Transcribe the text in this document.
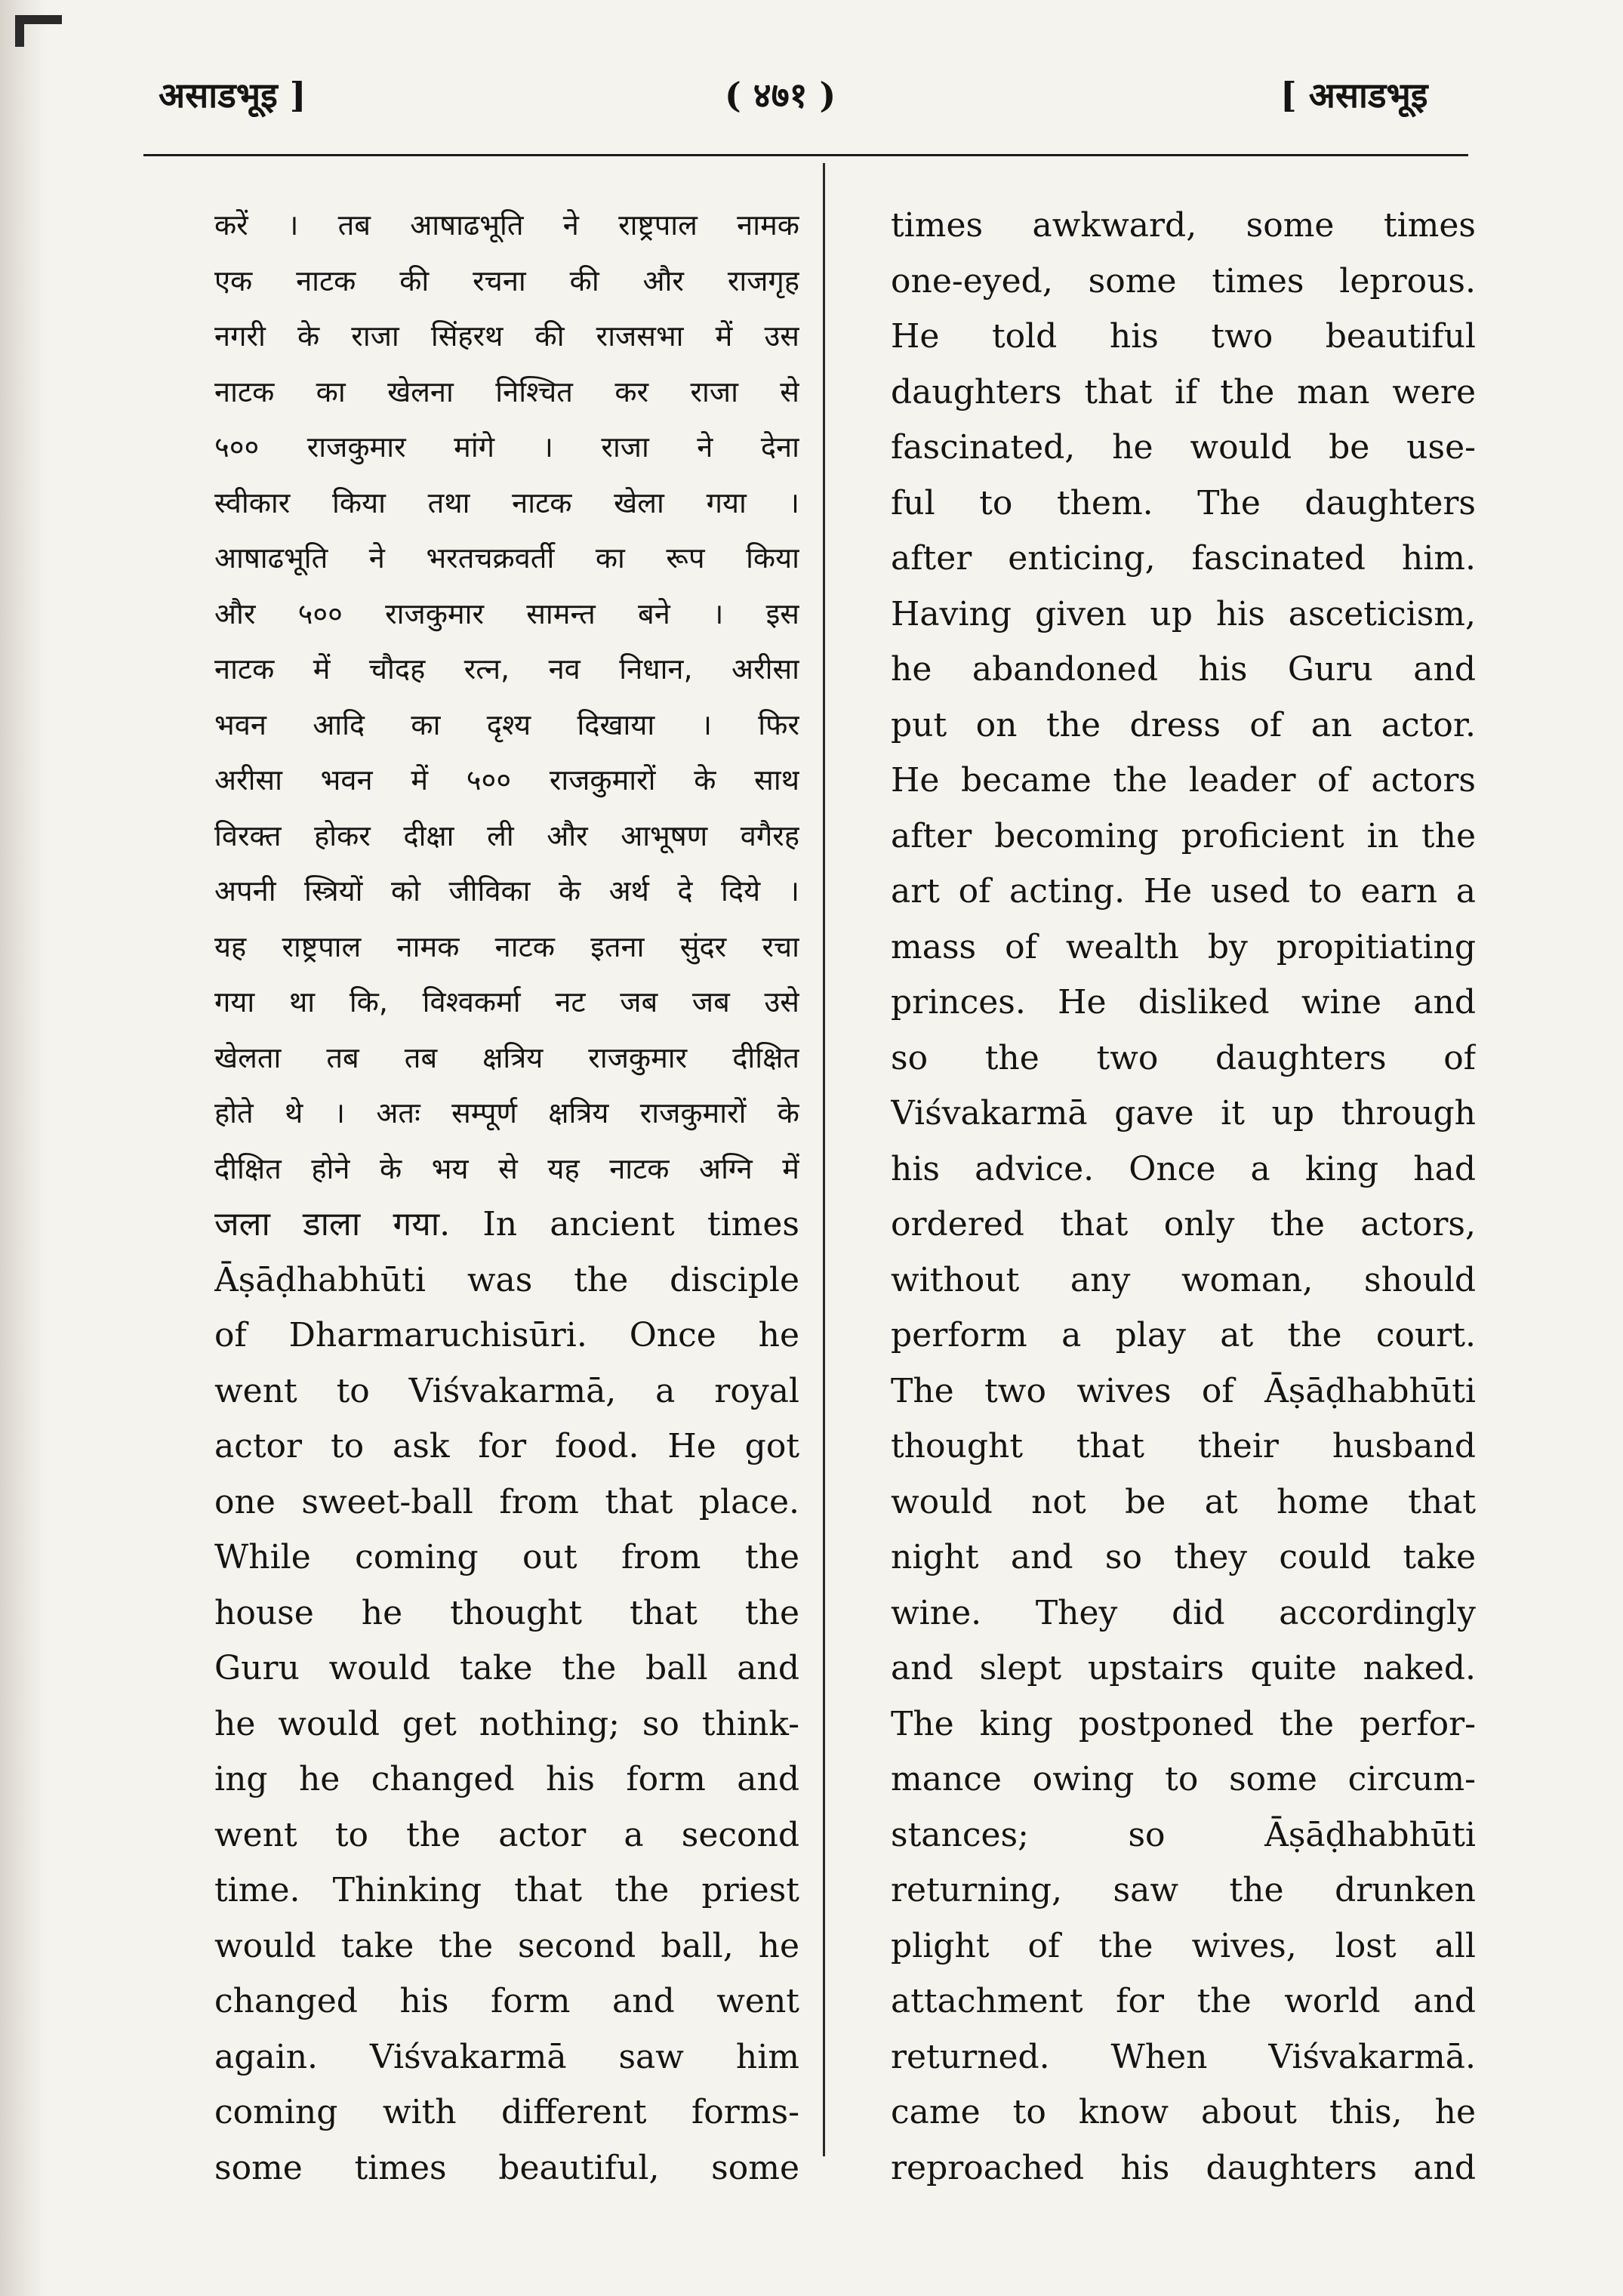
असाडभूइ ]	( ४७१ )	[ असाडभूइ
करें । तब आषाढभूति ने राष्ट्रपाल नामक
एक नाटक की रचना की और राजगृह
नगरी के राजा सिंहरथ की राजसभा में उस
नाटक का खेलना निश्चित कर राजा से
५०० राजकुमार मांगे । राजा ने देना
स्वीकार किया तथा नाटक खेला गया ।
आषाढभूति ने भरतचक्रवर्ती का रूप किया
और ५०० राजकुमार सामन्त बने । इस
नाटक में चौदह रत्न, नव निधान, अरीसा
भवन आदि का दृश्य दिखाया । फिर
अरीसा भवन में ५०० राजकुमारों के साथ
विरक्त होकर दीक्षा ली और आभूषण वगैरह
अपनी स्त्रियों को जीविका के अर्थ दे दिये ।
यह राष्ट्रपाल नामक नाटक इतना सुंदर रचा
गया था कि, विश्वकर्मा नट जब जब उसे
खेलता तब तब क्षत्रिय राजकुमार दीक्षित
होते थे । अतः सम्पूर्ण क्षत्रिय राजकुमारों के
दीक्षित होने के भय से यह नाटक अग्नि में
जला डाला गया. In ancient times
Āṣāḍhabhūti was the disciple
of Dharmaruchisūri. Once he
went to Viśvakarmā, a royal
actor to ask for food. He got
one sweet-ball from that place.
While coming out from the
house he thought that the
Guru would take the ball and
he would get nothing; so think-
ing he changed his form and
went to the actor a second
time. Thinking that the priest
would take the second ball, he
changed his form and went
again. Viśvakarmā saw him
coming with different forms-
some times beautiful, some
times awkward, some times
one-eyed, some times leprous.
He told his two beautiful
daughters that if the man were
fascinated, he would be use-
ful to them. The daughters
after enticing, fascinated him.
Having given up his asceticism,
he abandoned his Guru and
put on the dress of an actor.
He became the leader of actors
after becoming proficient in the
art of acting. He used to earn a
mass of wealth by propitiating
princes. He disliked wine and
so the two daughters of
Viśvakarmā gave it up through
his advice. Once a king had
ordered that only the actors,
without any woman, should
perform a play at the court.
The two wives of Āṣāḍhabhūti
thought that their husband
would not be at home that
night and so they could take
wine. They did accordingly
and slept upstairs quite naked.
The king postponed the perfor-
mance owing to some circum-
stances; so Āṣāḍhabhūti
returning, saw the drunken
plight of the wives, lost all
attachment for the world and
returned. When Viśvakarmā.
came to know about this, he
reproached his daughters and
